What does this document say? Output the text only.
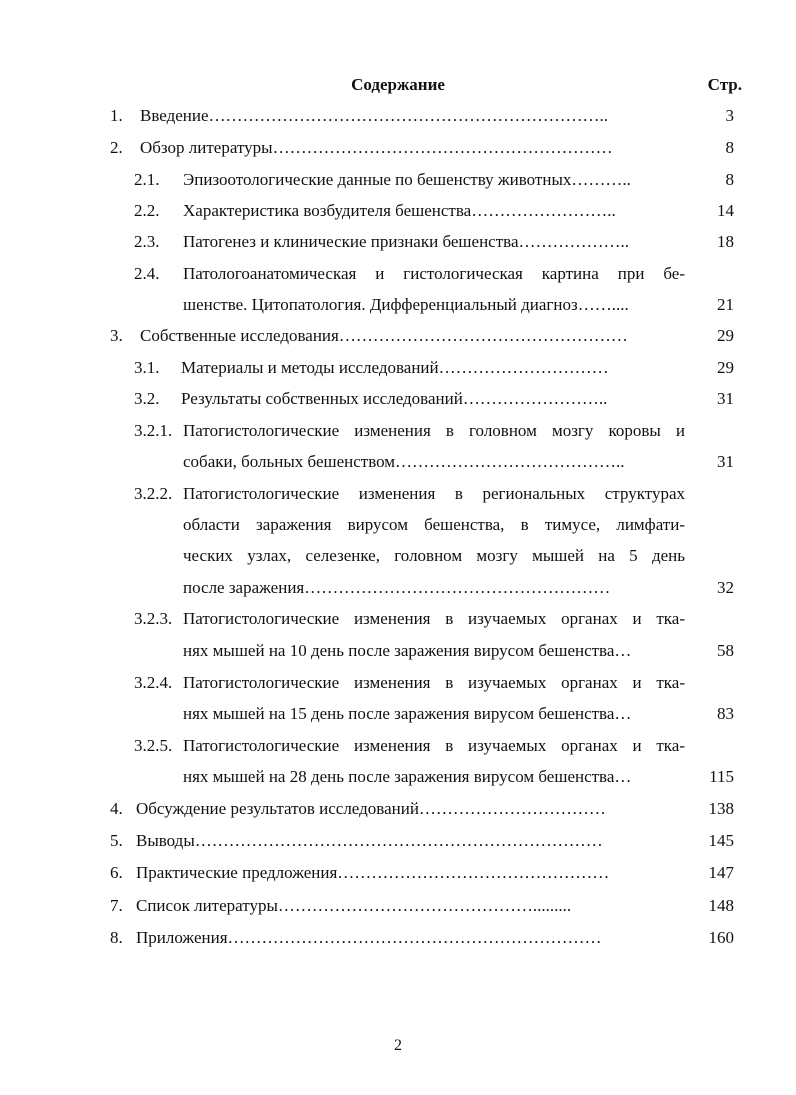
Содержание	Стр.
1. Введение……………………………………………………………..	3
2. Обзор литературы……………………………………………………	8
2.1. Эпизоотологические данные по бешенству животных………..	8
2.2. Характеристика возбудителя бешенства……………………..	14
2.3. Патогенез и клинические признаки бешенства………………..	18
2.4. Патологоанатомическая и гистологическая картина при бе-
шенстве. Цитопатология. Дифференциальный диагноз……....	21
3. Собственные исследования……………………………………………	29
3.1. Материалы и методы исследований…………………………	29
3.2. Результаты собственных исследований……………………..	31
3.2.1. Патогистологические изменения в головном мозгу коровы и
собаки, больных бешенством…………………………………..	31
3.2.2. Патогистологические изменения в региональных структурах
области заражения вирусом бешенства, в тимусе, лимфати-
ческих узлах, селезенке, головном мозгу мышей на 5 день
после заражения………………………………………………	32
3.2.3. Патогистологические изменения в изучаемых органах и тка-
нях мышей на 10 день после заражения вирусом бешенства…	58
3.2.4. Патогистологические изменения в изучаемых органах и тка-
нях мышей на 15 день после заражения вирусом бешенства…	83
3.2.5. Патогистологические изменения в изучаемых органах и тка-
нях мышей на 28 день после заражения вирусом бешенства…	115
4. Обсуждение результатов исследований……………………………	138
5. Выводы………………………………………………………………	145
6. Практические предложения…………………………………………	147
7. Список литературы……………………………………….........	148
8. Приложения…………………………………………………………	160
2
